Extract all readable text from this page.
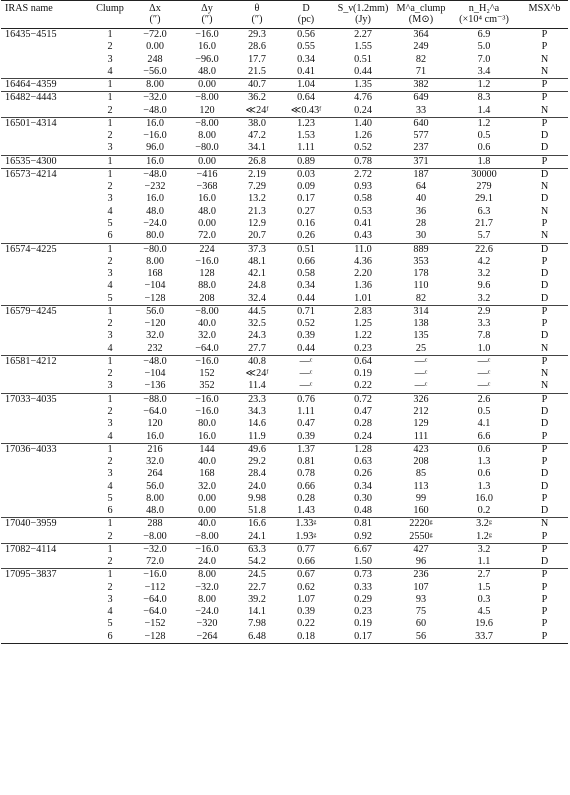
IRAS name	Clump	Δx	Δy	θ	D	S_ν(1.2mm)	M^a_clump	n_H₂^a	MSX^b
		(″)	(″)	(″)	(pc)	(Jy)	(M⊙)	(×10⁴ cm⁻³)	
16435−4515	1	−72.0	−16.0	29.3	0.56	2.27	364	6.9	P
	2	0.00	16.0	28.6	0.55	1.55	249	5.0	P
	3	248	−96.0	17.7	0.34	0.51	82	7.0	N
	4	−56.0	48.0	21.5	0.41	0.44	71	3.4	N
16464−4359	1	8.00	0.00	40.7	1.04	1.35	382	1.2	P
16482−4443	1	−32.0	−8.00	36.2	0.64	4.76	649	8.3	P
	2	−48.0	120	≪24ᶠ	≪0.43ᶠ	0.24	33	1.4	N
16501−4314	1	16.0	−8.00	38.0	1.23	1.40	640	1.2	P
	2	−16.0	8.00	47.2	1.53	1.26	577	0.5	D
	3	96.0	−80.0	34.1	1.11	0.52	237	0.6	D
16535−4300	1	16.0	0.00	26.8	0.89	0.78	371	1.8	P
16573−4214	1	−48.0	−416	2.19	0.03	2.72	187	30000	D
	2	−232	−368	7.29	0.09	0.93	64	279	N
	3	16.0	16.0	13.2	0.17	0.58	40	29.1	D
	4	48.0	48.0	21.3	0.27	0.53	36	6.3	N
	5	−24.0	0.00	12.9	0.16	0.41	28	21.7	P
	6	80.0	72.0	20.7	0.26	0.43	30	5.7	N
16574−4225	1	−80.0	224	37.3	0.51	11.0	889	22.6	D
	2	8.00	−16.0	48.1	0.66	4.36	353	4.2	P
	3	168	128	42.1	0.58	2.20	178	3.2	D
	4	−104	88.0	24.8	0.34	1.36	110	9.6	D
	5	−128	208	32.4	0.44	1.01	82	3.2	D
16579−4245	1	56.0	−8.00	44.5	0.71	2.83	314	2.9	P
	2	−120	40.0	32.5	0.52	1.25	138	3.3	P
	3	32.0	32.0	24.3	0.39	1.22	135	7.8	D
	4	232	−64.0	27.7	0.44	0.23	25	1.0	N
16581−4212	1	−48.0	−16.0	40.8	—ᶜ	0.64	—ᶜ	—ᶜ	P
	2	−104	152	≪24ᶠ	—ᶜ	0.19	—ᶜ	—ᶜ	N
	3	−136	352	11.4	—ᶜ	0.22	—ᶜ	—ᶜ	N
17033−4035	1	−88.0	−16.0	23.3	0.76	0.72	326	2.6	P
	2	−64.0	−16.0	34.3	1.11	0.47	212	0.5	D
	3	120	80.0	14.6	0.47	0.28	129	4.1	D
	4	16.0	16.0	11.9	0.39	0.24	111	6.6	P
17036−4033	1	216	144	49.6	1.37	1.28	423	0.6	P
	2	32.0	40.0	29.2	0.81	0.63	208	1.3	P
	3	264	168	28.4	0.78	0.26	85	0.6	D
	4	56.0	32.0	24.0	0.66	0.34	113	1.3	D
	5	8.00	0.00	9.98	0.28	0.30	99	16.0	P
	6	48.0	0.00	51.8	1.43	0.48	160	0.2	D
17040−3959	1	288	40.0	16.6	1.33ᵍ	0.81	2220ᵍ	3.2ᵍ	N
	2	−8.00	−8.00	24.1	1.93ᵍ	0.92	2550ᵍ	1.2ᵍ	P
17082−4114	1	−32.0	−16.0	63.3	0.77	6.67	427	3.2	P
	2	72.0	24.0	54.2	0.66	1.50	96	1.1	D
17095−3837	1	−16.0	8.00	24.5	0.67	0.73	236	2.7	P
	2	−112	−32.0	22.7	0.62	0.33	107	1.5	P
	3	−64.0	8.00	39.2	1.07	0.29	93	0.3	P
	4	−64.0	−24.0	14.1	0.39	0.23	75	4.5	P
	5	−152	−320	7.98	0.22	0.19	60	19.6	P
	6	−128	−264	6.48	0.18	0.17	56	33.7	P
